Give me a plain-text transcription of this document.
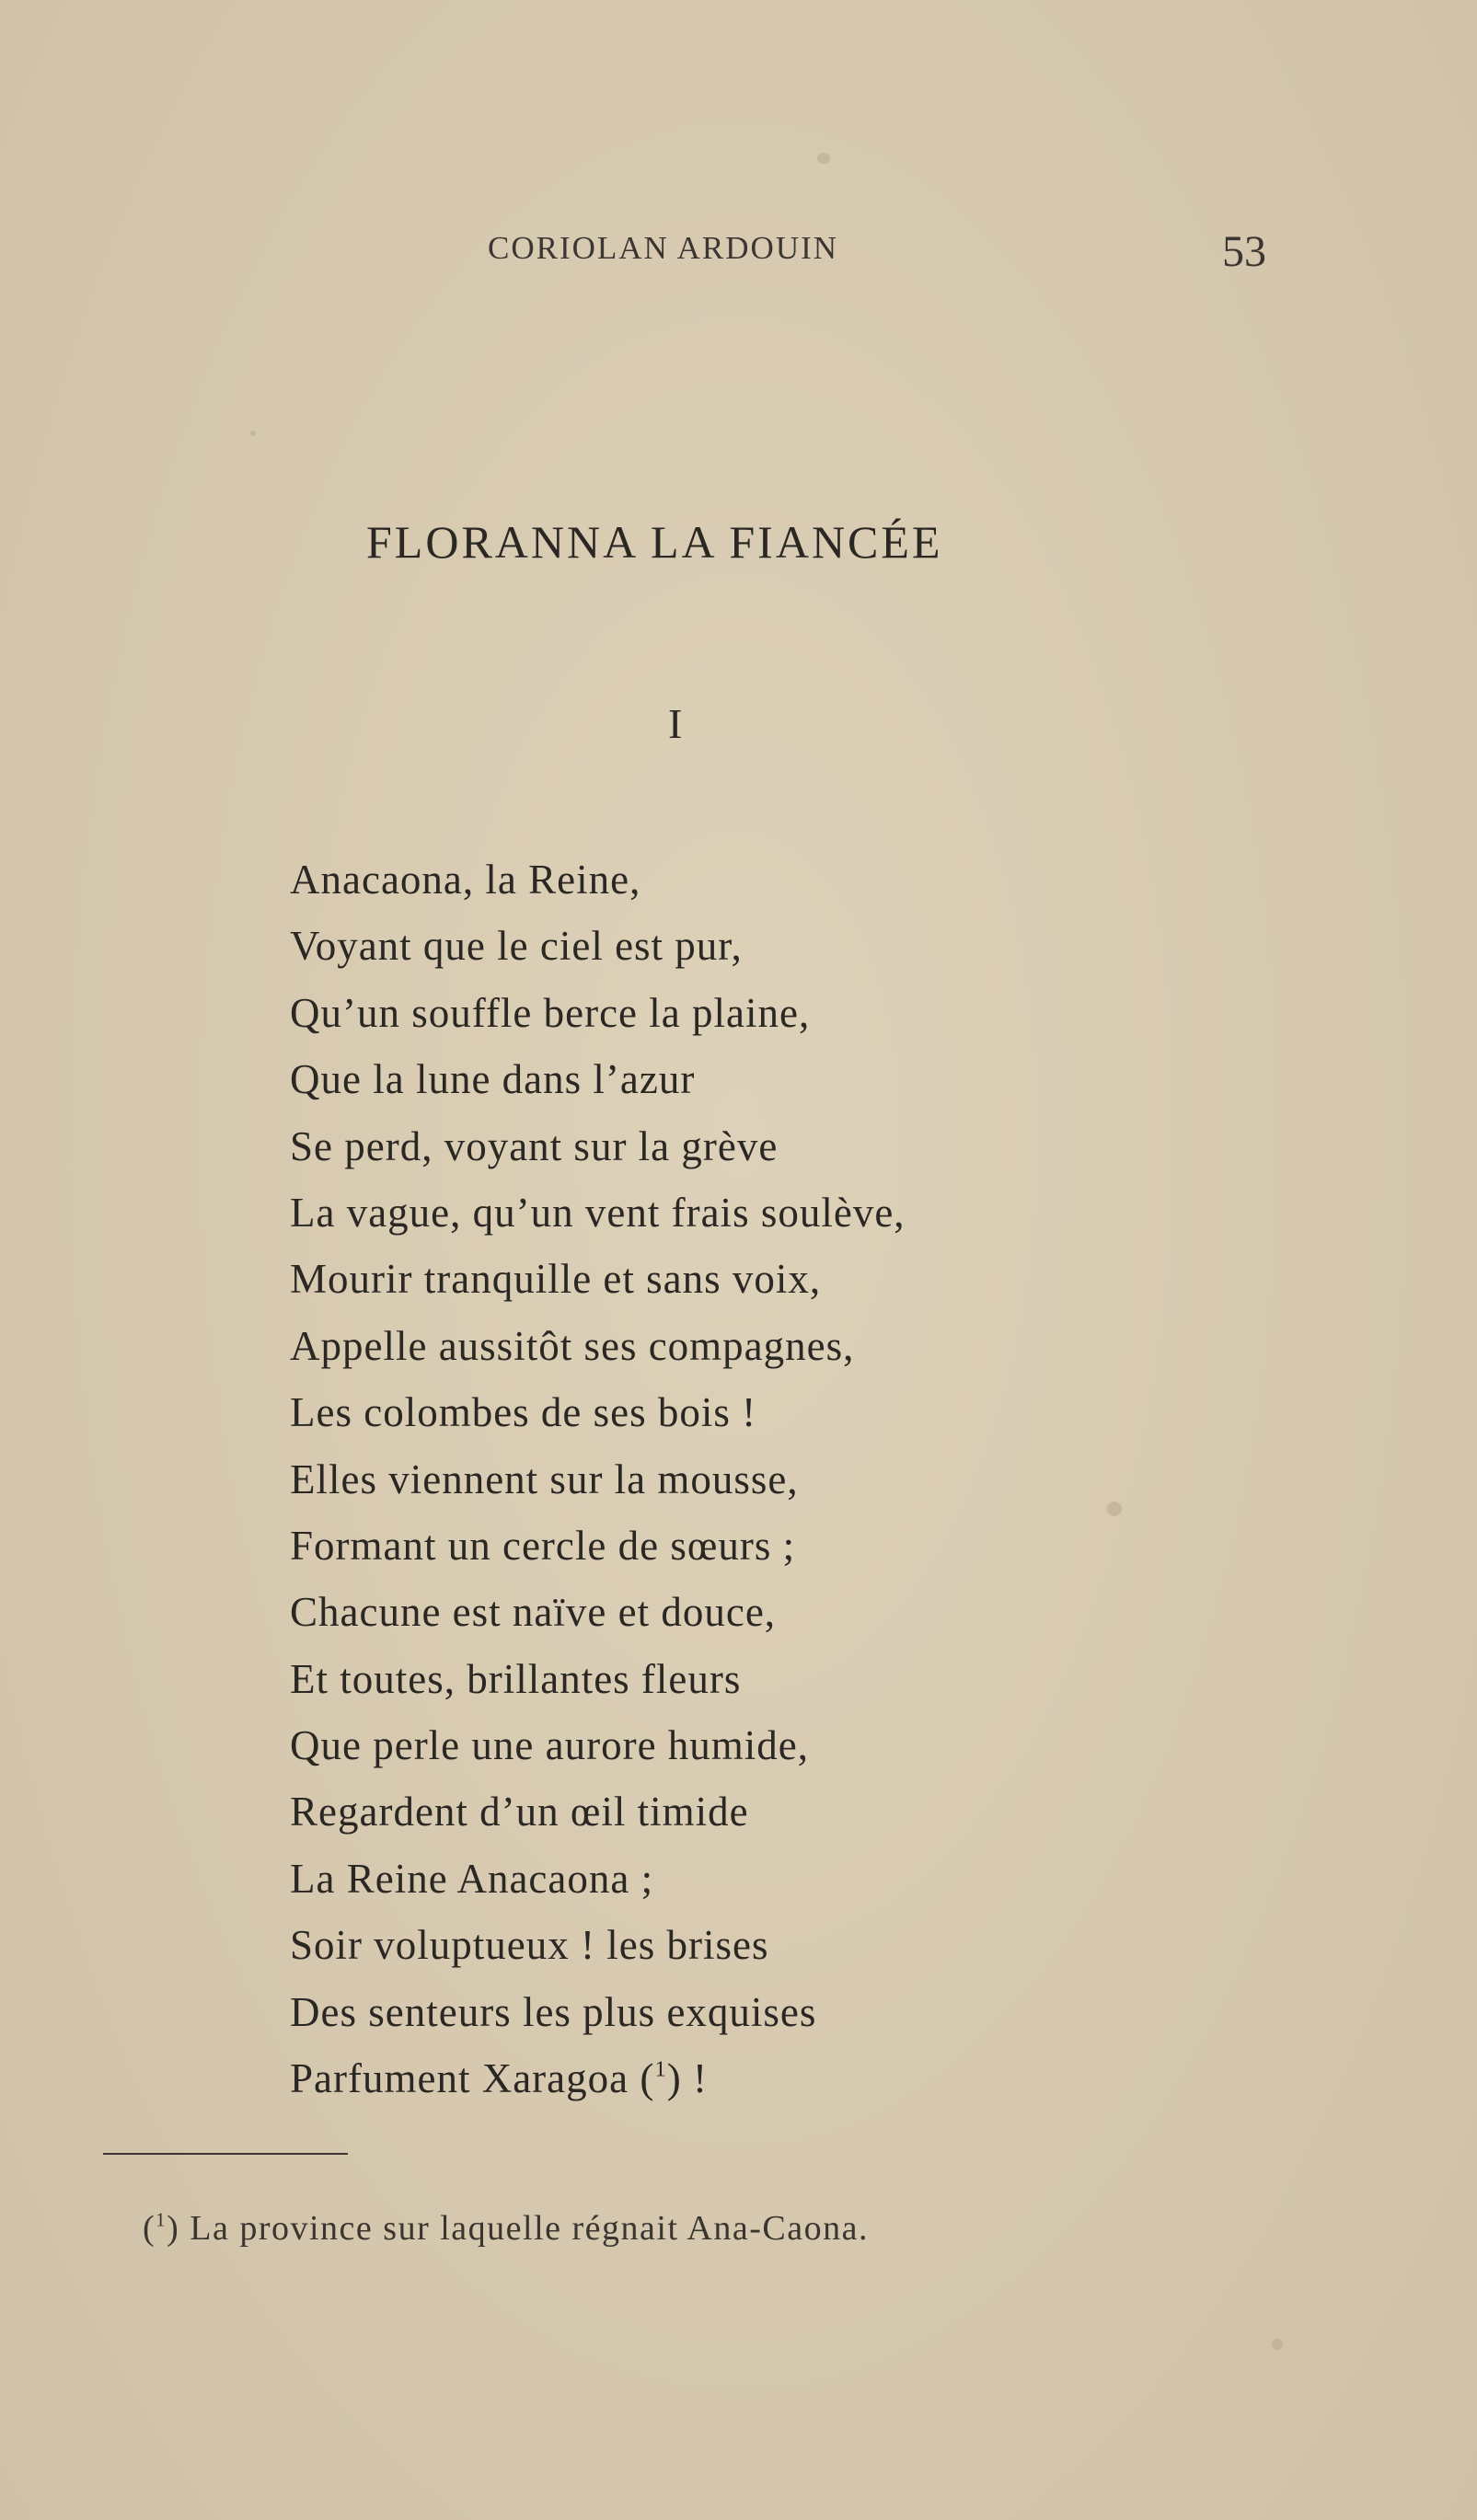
CORIOLAN ARDOUIN	53
FLORANNA LA FIANCÉE
I
Anacaona, la Reine,
Voyant que le ciel est pur,
Qu’un souffle berce la plaine,
Que la lune dans l’azur
Se perd, voyant sur la grève
La vague, qu’un vent frais soulève,
Mourir tranquille et sans voix,
Appelle aussitôt ses compagnes,
Les colombes de ses bois !
Elles viennent sur la mousse,
Formant un cercle de sœurs ;
Chacune est naïve et douce,
Et toutes, brillantes fleurs
Que perle une aurore humide,
Regardent d’un œil timide
La Reine Anacaona ;
Soir voluptueux ! les brises
Des senteurs les plus exquises
Parfument Xaragoa ($^1$) !
($^1$) La province sur laquelle régnait Ana-Caona.
